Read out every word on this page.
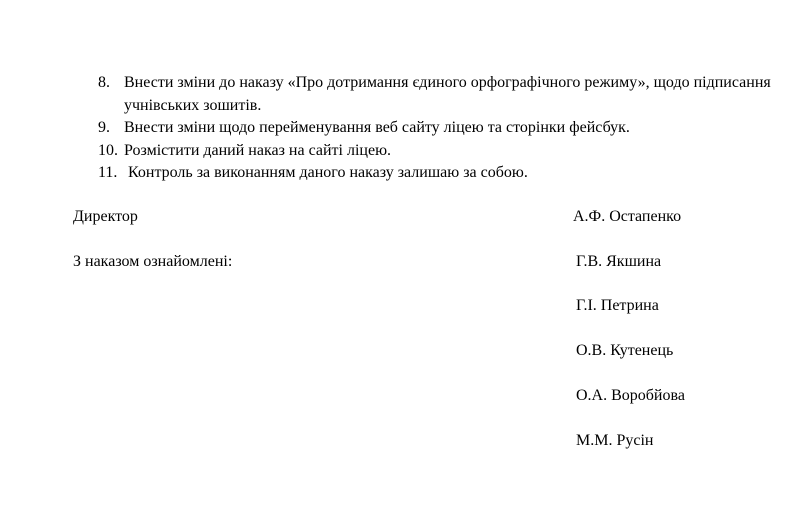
8. Внести зміни до наказу «Про дотримання єдиного орфографічного режиму», щодо підписання учнівських зошитів.
9. Внести зміни щодо перейменування веб сайту ліцею та сторінки фейсбук.
10. Розмістити даний наказ на сайті ліцею.
11. Контроль за виконанням даного наказу залишаю за собою.
Директор	А.Ф. Остапенко
З наказом ознайомлені:	Г.В. Якшина
Г.І. Петрина
О.В. Кутенець
О.А. Воробйова
М.М. Русін
